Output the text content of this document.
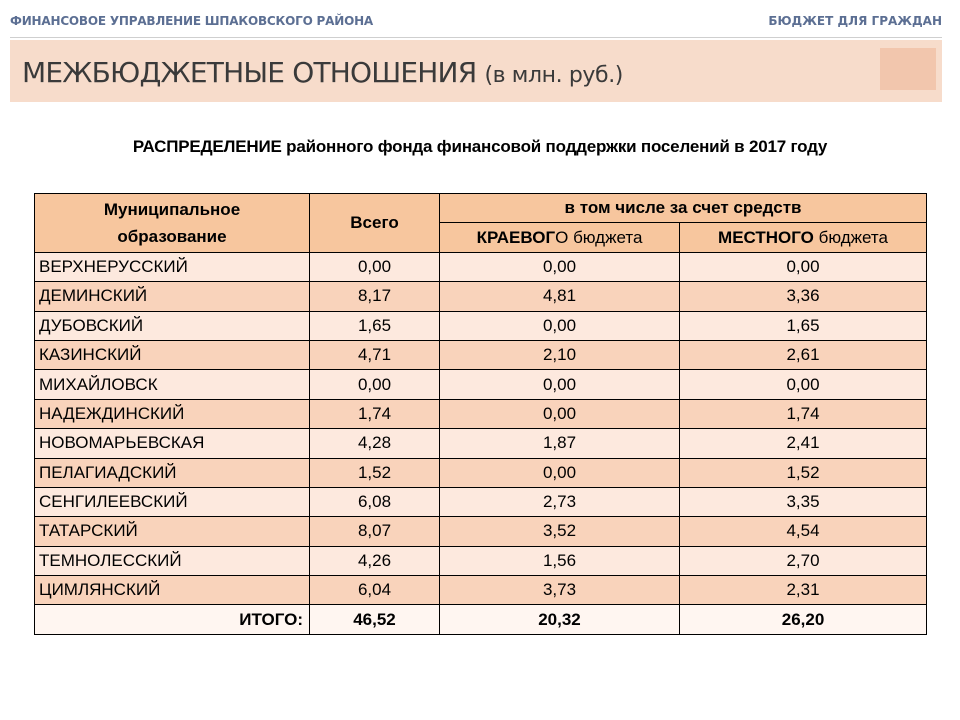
ФИНАНСОВОЕ УПРАВЛЕНИЕ ШПАКОВСКОГО РАЙОНА	БЮДЖЕТ ДЛЯ ГРАЖДАН
МЕЖБЮДЖЕТНЫЕ ОТНОШЕНИЯ (в млн. руб.)
РАСПРЕДЕЛЕНИЕ районного фонда финансовой поддержки поселений в 2017 году
Муниципальное
образование	Всего	в том числе за счет средств	
		КРАЕВОГО бюджета	МЕСТНОГО бюджета
ВЕРХНЕРУССКИЙ	0,00	0,00	0,00
ДЕМИНСКИЙ	8,17	4,81	3,36
ДУБОВСКИЙ	1,65	0,00	1,65
КАЗИНСКИЙ	4,71	2,10	2,61
МИХАЙЛОВСК	0,00	0,00	0,00
НАДЕЖДИНСКИЙ	1,74	0,00	1,74
НОВОМАРЬЕВСКАЯ	4,28	1,87	2,41
ПЕЛАГИАДСКИЙ	1,52	0,00	1,52
СЕНГИЛЕЕВСКИЙ	6,08	2,73	3,35
ТАТАРСКИЙ	8,07	3,52	4,54
ТЕМНОЛЕССКИЙ	4,26	1,56	2,70
ЦИМЛЯНСКИЙ	6,04	3,73	2,31
ИТОГО:	46,52	20,32	26,20
